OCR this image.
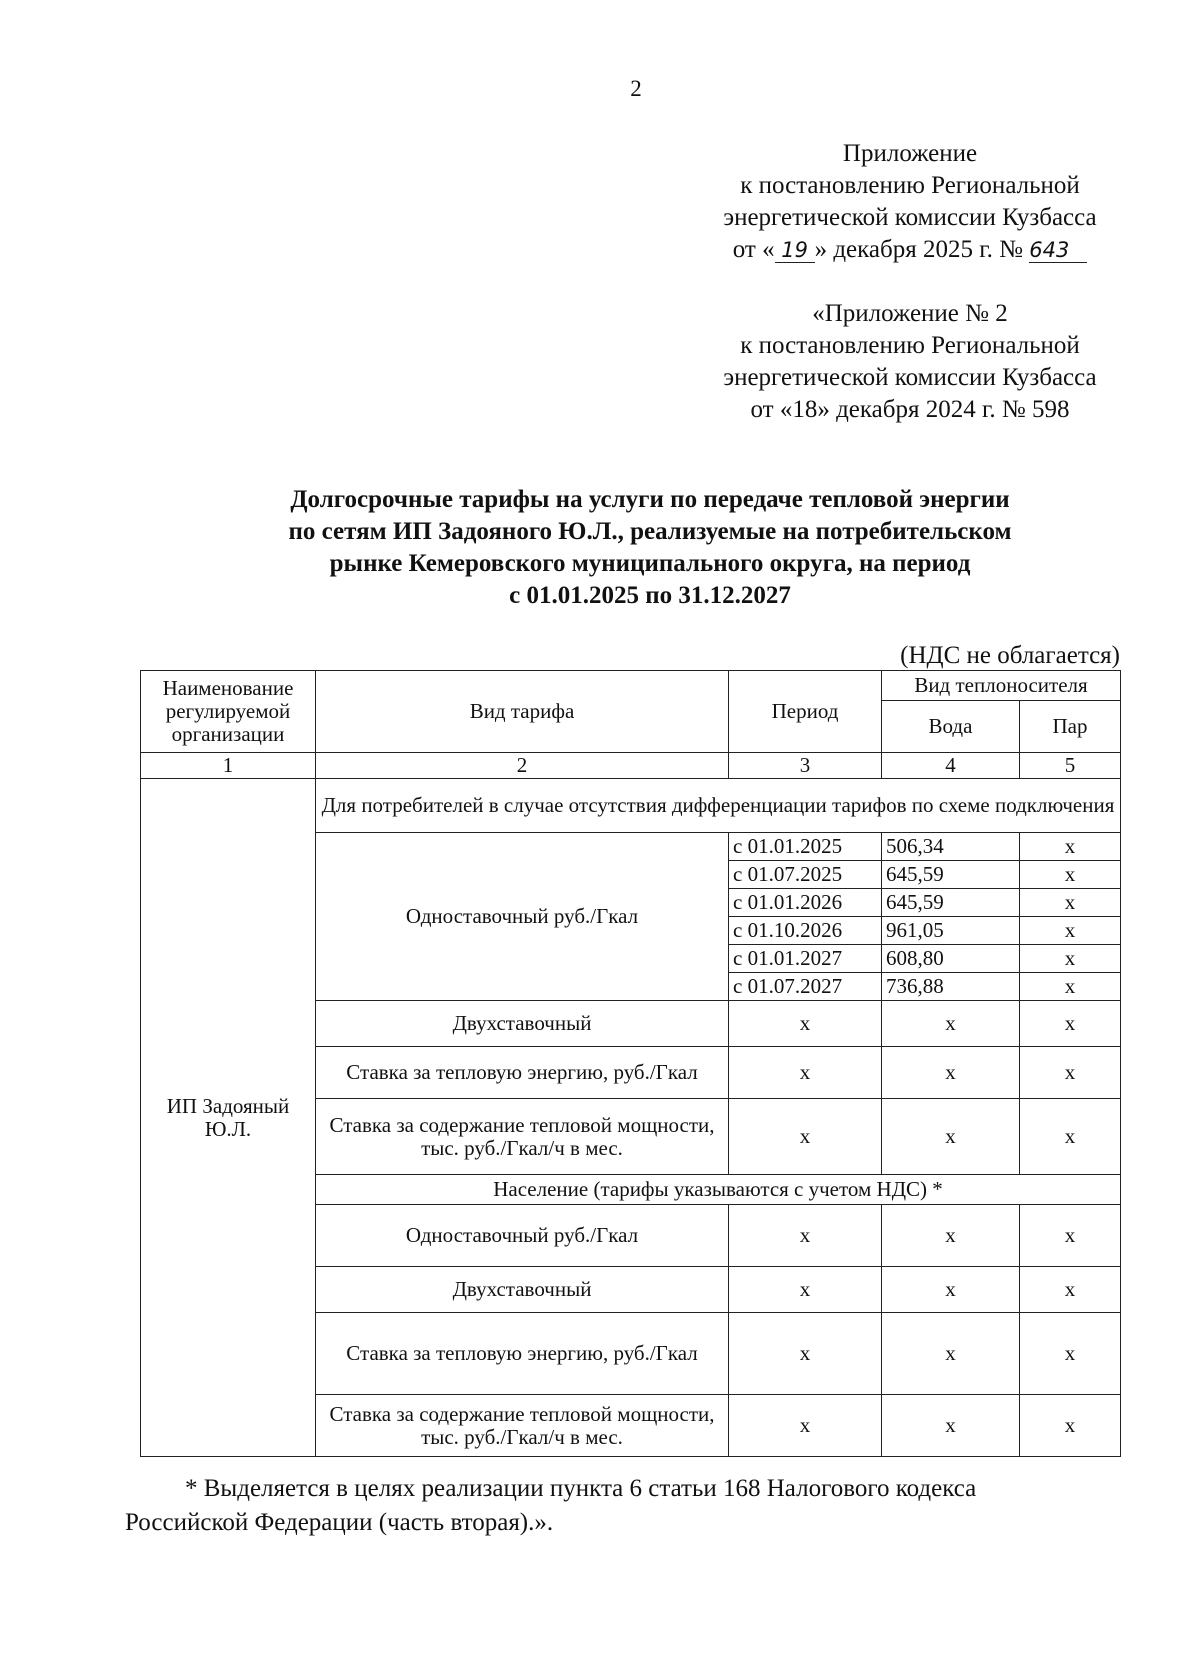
2
Приложение
к постановлению Региональной
энергетической комиссии Кузбасса
от « 19 » декабря 2025 г. № 643
«Приложение № 2
к постановлению Региональной
энергетической комиссии Кузбасса
от «18» декабря 2024 г. № 598
Долгосрочные тарифы на услуги по передаче тепловой энергии
по сетям ИП Задояного Ю.Л., реализуемые на потребительском
рынке Кемеровского муниципального округа, на период
с 01.01.2025 по 31.12.2027
(НДС не облагается)
Наименование регулируемой организации	Вид тарифа	Период	Вид теплоносителя	
			Вода	Пар
1	2	3	4	5
ИП Задояный Ю.Л.	Для потребителей в случае отсутствия дифференциации тарифов по схеме подключения			
	Одноставочный руб./Гкал	с 01.01.2025	506,34	х
		с 01.07.2025	645,59	х
		с 01.01.2026	645,59	х
		с 01.10.2026	961,05	х
		с 01.01.2027	608,80	х
		с 01.07.2027	736,88	х
	Двухставочный	х	х	х
	Ставка за тепловую энергию, руб./Гкал	х	х	х
	Ставка за содержание тепловой мощности, тыс. руб./Гкал/ч в мес.	х	х	х
	Население (тарифы указываются с учетом НДС) *			
	Одноставочный руб./Гкал	х	х	х
	Двухставочный	х	х	х
	Ставка за тепловую энергию, руб./Гкал	х	х	х
	Ставка за содержание тепловой мощности, тыс. руб./Гкал/ч в мес.	х	х	х
* Выделяется в целях реализации пункта 6 статьи 168 Налогового кодекса
Российской Федерации (часть вторая).».
